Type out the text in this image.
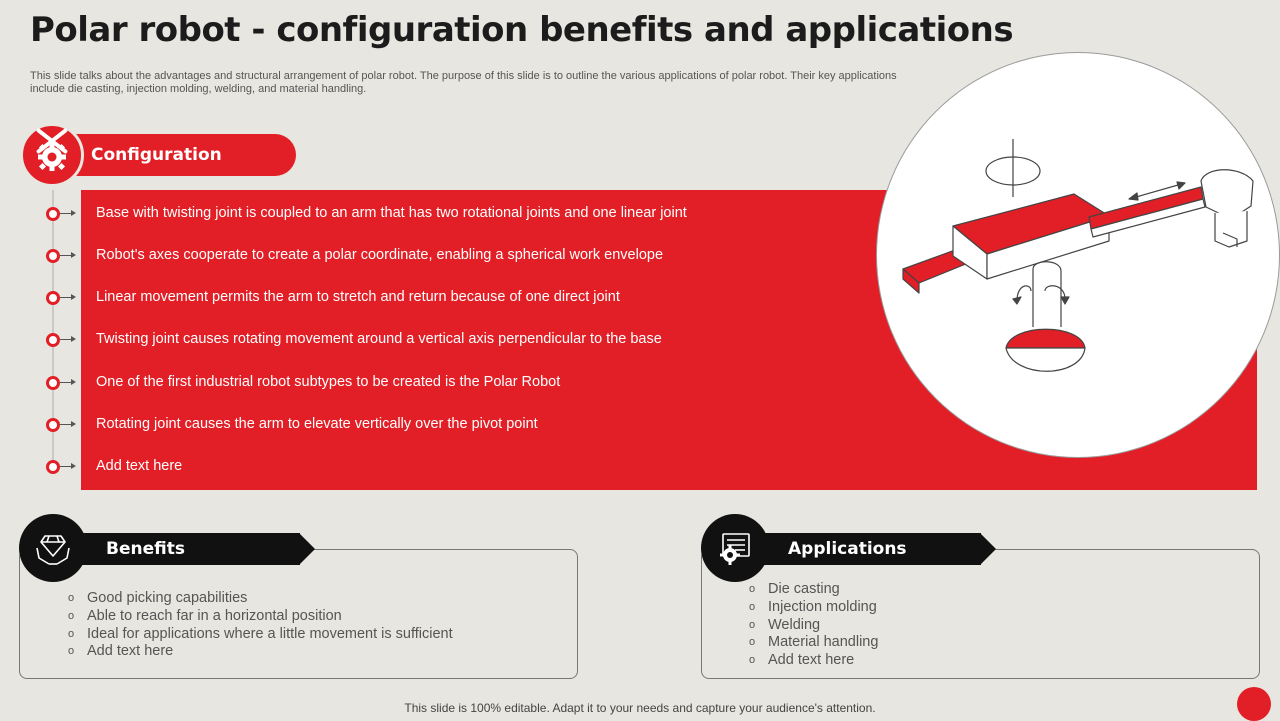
Polar robot - configuration benefits and applications
This slide talks about the advantages and structural arrangement of polar robot. The purpose of this slide is to outline the various applications of polar robot. Their key applications include die casting, injection molding, welding, and material handling.
Configuration
Base with twisting joint is coupled to an arm that has two rotational joints and one linear joint
Robot's axes cooperate to create a polar coordinate, enabling a spherical work envelope
Linear movement permits the arm to stretch and return because of one direct joint
Twisting joint causes rotating movement around a vertical axis perpendicular to the base
One of the first industrial robot subtypes to be created is the Polar Robot
Rotating joint causes the arm to elevate vertically over the pivot point
Add text here
Benefits
o Good picking capabilities
o Able to reach far in a horizontal position
o Ideal for applications where a little movement is sufficient
o Add text here
Applications
o Die casting
o Injection molding
o Welding
o Material handling
o Add text here
This slide is 100% editable. Adapt it to your needs and capture your audience's attention.
